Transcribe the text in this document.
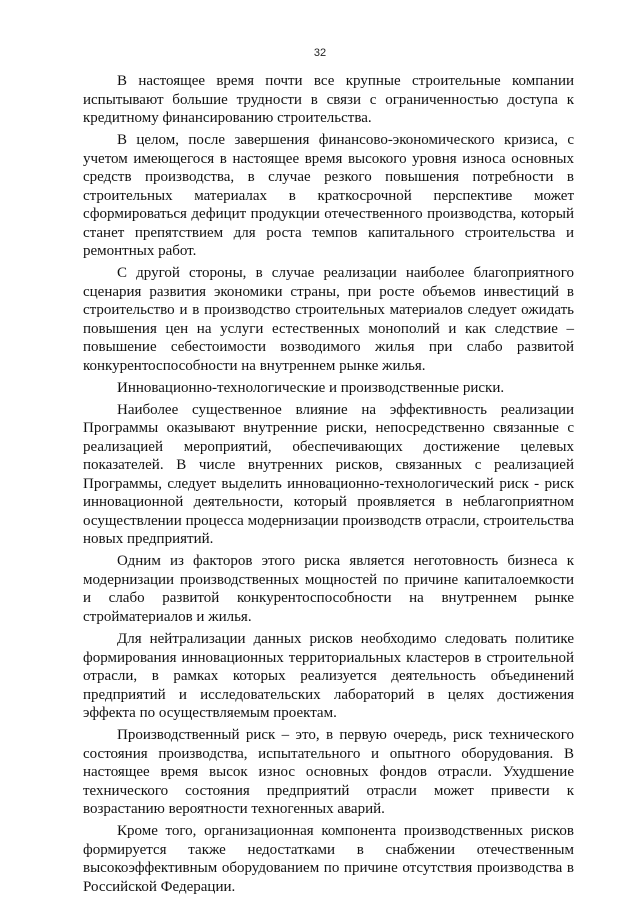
32

В настоящее время почти все крупные строительные компании испытывают большие трудности в связи с ограниченностью доступа к кредитному финансированию строительства.

В целом, после завершения финансово-экономического кризиса, с учетом имеющегося в настоящее время высокого уровня износа основных средств производства, в случае резкого повышения потребности в строительных материалах в краткосрочной перспективе может сформироваться дефицит продукции отечественного производства, который станет препятствием для роста темпов капитального строительства и ремонтных работ.

С другой стороны, в случае реализации наиболее благоприятного сценария развития экономики страны, при росте объемов инвестиций в строительство и в производство строительных материалов следует ожидать повышения цен на услуги естественных монополий и как следствие – повышение себестоимости возводимого жилья при слабо развитой конкурентоспособности на внутреннем рынке жилья.

Инновационно-технологические и производственные риски.

Наиболее существенное влияние на эффективность реализации Программы оказывают внутренние риски, непосредственно связанные с реализацией мероприятий, обеспечивающих достижение целевых показателей. В числе внутренних рисков, связанных с реализацией Программы, следует выделить инновационно-технологический риск - риск инновационной деятельности, который проявляется в неблагоприятном осуществлении процесса модернизации производств отрасли, строительства новых предприятий.

Одним из факторов этого риска является неготовность бизнеса к модернизации производственных мощностей по причине капиталоемкости и слабо развитой конкурентоспособности на внутреннем рынке стройматериалов и жилья.

Для нейтрализации данных рисков необходимо следовать политике формирования инновационных территориальных кластеров в строительной отрасли, в рамках которых реализуется деятельность объединений предприятий и исследовательских лабораторий в целях достижения эффекта по осуществляемым проектам.

Производственный риск – это, в первую очередь, риск технического состояния производства, испытательного и опытного оборудования. В настоящее время высок износ основных фондов отрасли. Ухудшение технического состояния предприятий отрасли может привести к возрастанию вероятности техногенных аварий.

Кроме того, организационная компонента производственных рисков формируется также недостатками в снабжении отечественным высокоэффективным оборудованием по причине отсутствия производства в Российской Федерации.
